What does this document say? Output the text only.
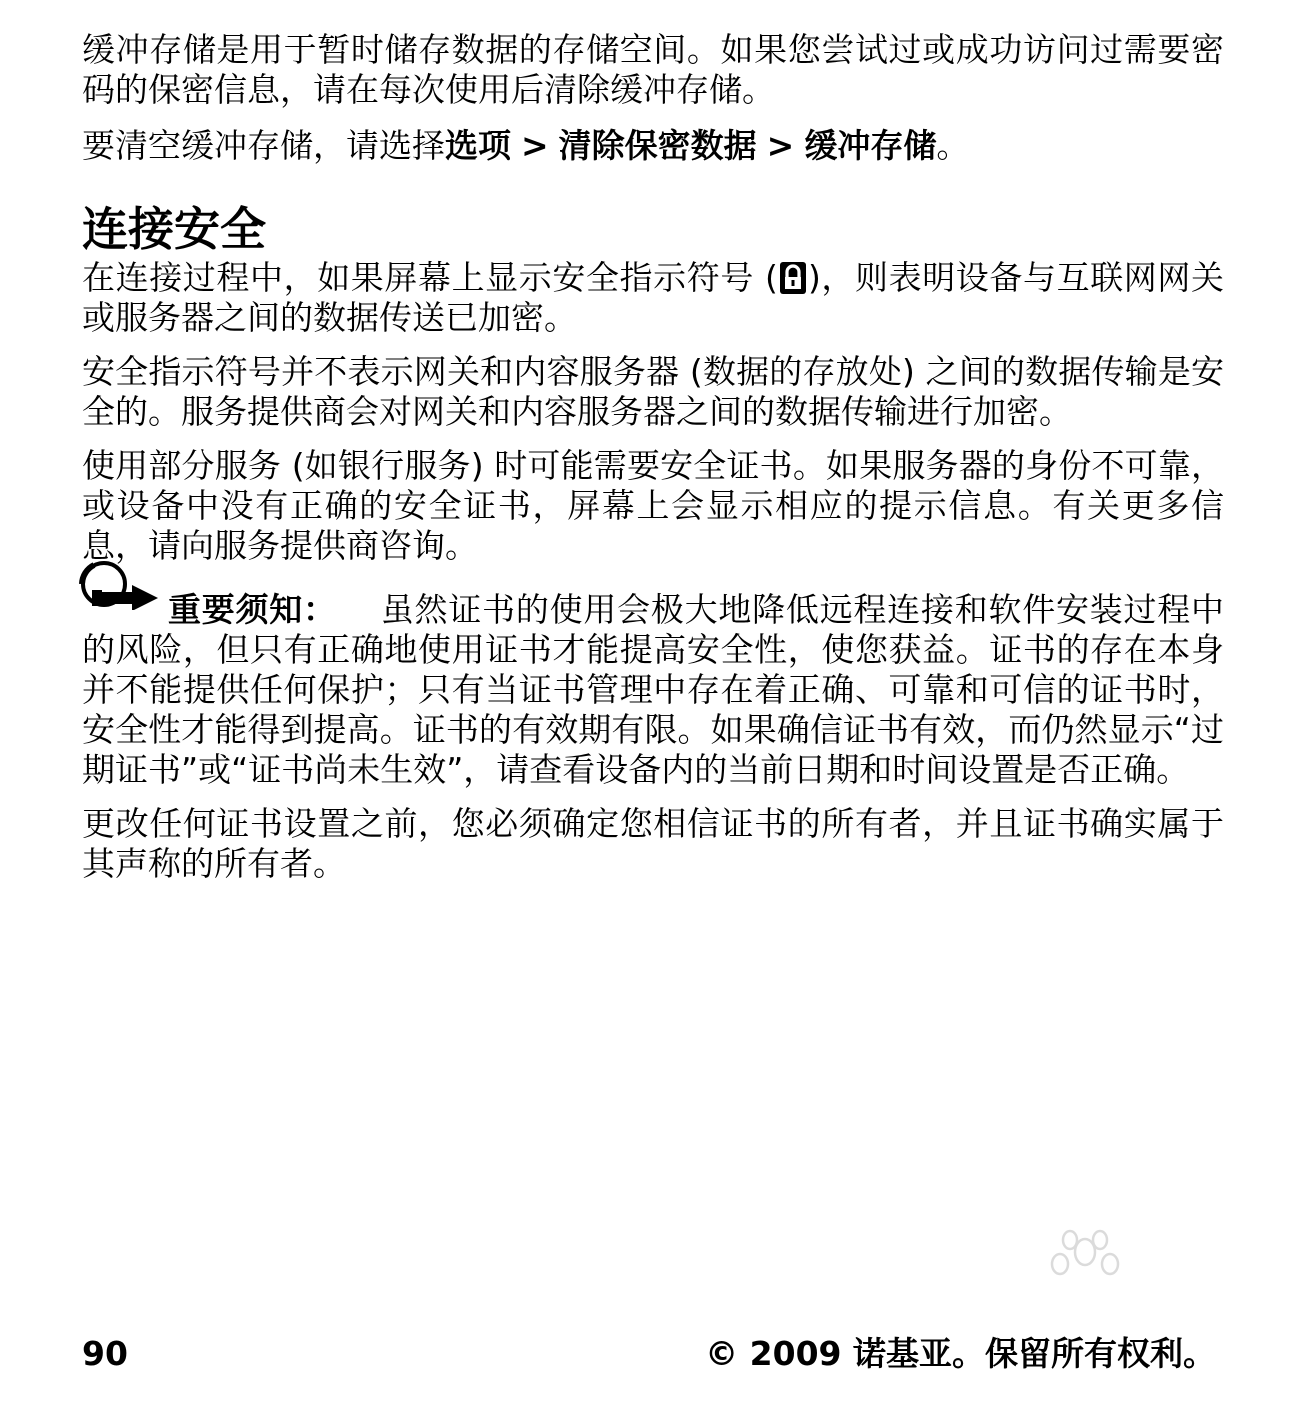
缓冲存储是用于暂时储存数据的存储空间。如果您尝试过或成功访问过需要密码的保密信息，请在每次使用后清除缓冲存储。

要清空缓冲存储，请选择选项 > 清除保密数据 > 缓冲存储。

连接安全

在连接过程中，如果屏幕上显示安全指示符号 ( )，则表明设备与互联网网关或服务器之间的数据传送已加密。

安全指示符号并不表示网关和内容服务器 (数据的存放处) 之间的数据传输是安全的。服务提供商会对网关和内容服务器之间的数据传输进行加密。

使用部分服务 (如银行服务) 时可能需要安全证书。如果服务器的身份不可靠，或设备中没有正确的安全证书，屏幕上会显示相应的提示信息。有关更多信息，请向服务提供商咨询。

重要须知： 虽然证书的使用会极大地降低远程连接和软件安装过程中的风险，但只有正确地使用证书才能提高安全性，使您获益。证书的存在本身并不能提供任何保护；只有当证书管理中存在着正确、可靠和可信的证书时，安全性才能得到提高。证书的有效期有限。如果确信证书有效，而仍然显示“过期证书”或“证书尚未生效”，请查看设备内的当前日期和时间设置是否正确。

更改任何证书设置之前，您必须确定您相信证书的所有者，并且证书确实属于其声称的所有者。

90	© 2009 诺基亚。保留所有权利。
